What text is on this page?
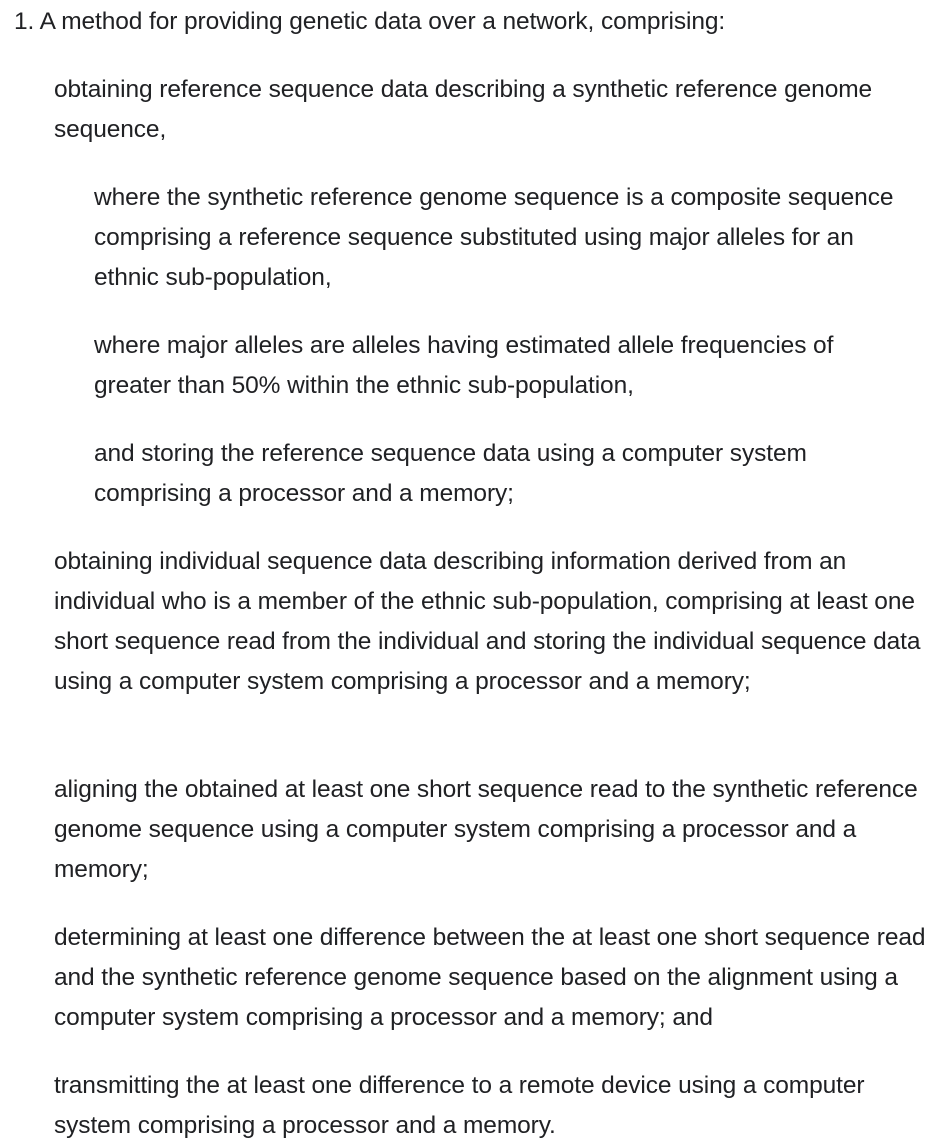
1. A method for providing genetic data over a network, comprising:

obtaining reference sequence data describing a synthetic reference genome sequence,

where the synthetic reference genome sequence is a composite sequence comprising a reference sequence substituted using major alleles for an ethnic sub-population,

where major alleles are alleles having estimated allele frequencies of greater than 50% within the ethnic sub-population,

and storing the reference sequence data using a computer system comprising a processor and a memory;

obtaining individual sequence data describing information derived from an individual who is a member of the ethnic sub-population, comprising at least one short sequence read from the individual and storing the individual sequence data using a computer system comprising a processor and a memory;

aligning the obtained at least one short sequence read to the synthetic reference genome sequence using a computer system comprising a processor and a memory;

determining at least one difference between the at least one short sequence read and the synthetic reference genome sequence based on the alignment using a computer system comprising a processor and a memory; and

transmitting the at least one difference to a remote device using a computer system comprising a processor and a memory.
